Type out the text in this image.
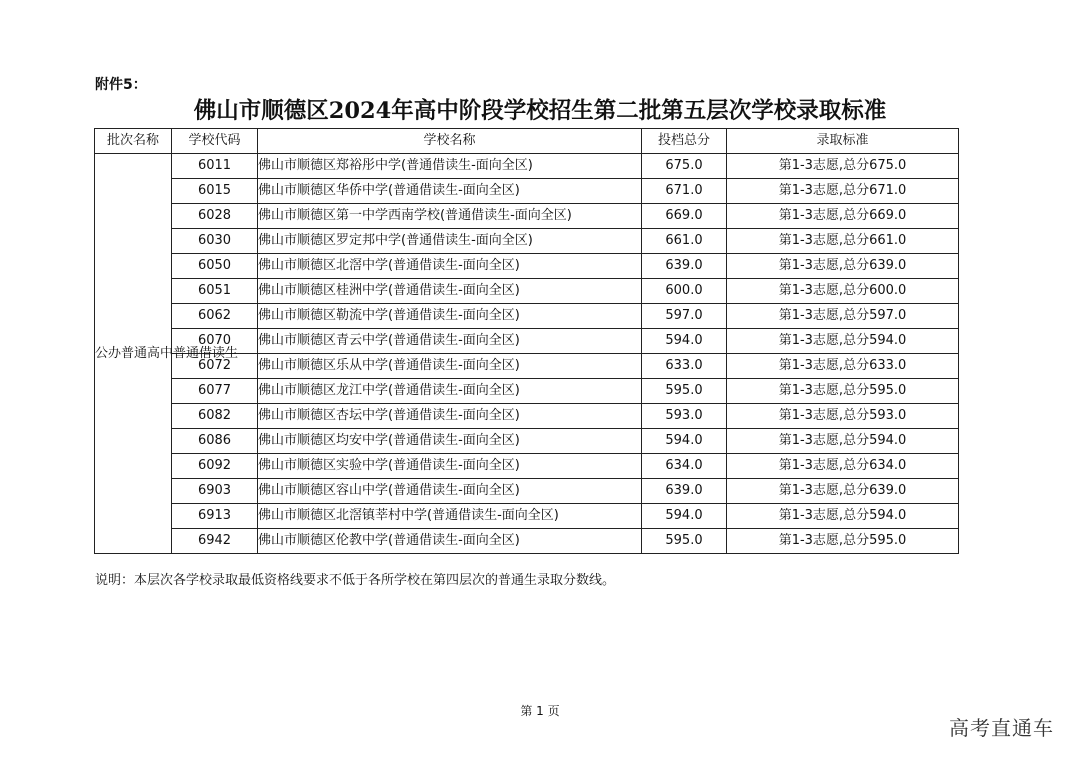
附件5：
佛山市顺德区2024年高中阶段学校招生第二批第五层次学校录取标准
批次名称	学校代码	学校名称	投档总分	录取标准
公办普通高中普通借读生	6011	佛山市顺德区郑裕彤中学(普通借读生-面向全区)	675.0	第1-3志愿,总分675.0
	6015	佛山市顺德区华侨中学(普通借读生-面向全区)	671.0	第1-3志愿,总分671.0
	6028	佛山市顺德区第一中学西南学校(普通借读生-面向全区)	669.0	第1-3志愿,总分669.0
	6030	佛山市顺德区罗定邦中学(普通借读生-面向全区)	661.0	第1-3志愿,总分661.0
	6050	佛山市顺德区北滘中学(普通借读生-面向全区)	639.0	第1-3志愿,总分639.0
	6051	佛山市顺德区桂洲中学(普通借读生-面向全区)	600.0	第1-3志愿,总分600.0
	6062	佛山市顺德区勒流中学(普通借读生-面向全区)	597.0	第1-3志愿,总分597.0
	6070	佛山市顺德区青云中学(普通借读生-面向全区)	594.0	第1-3志愿,总分594.0
	6072	佛山市顺德区乐从中学(普通借读生-面向全区)	633.0	第1-3志愿,总分633.0
	6077	佛山市顺德区龙江中学(普通借读生-面向全区)	595.0	第1-3志愿,总分595.0
	6082	佛山市顺德区杏坛中学(普通借读生-面向全区)	593.0	第1-3志愿,总分593.0
	6086	佛山市顺德区均安中学(普通借读生-面向全区)	594.0	第1-3志愿,总分594.0
	6092	佛山市顺德区实验中学(普通借读生-面向全区)	634.0	第1-3志愿,总分634.0
	6903	佛山市顺德区容山中学(普通借读生-面向全区)	639.0	第1-3志愿,总分639.0
	6913	佛山市顺德区北滘镇莘村中学(普通借读生-面向全区)	594.0	第1-3志愿,总分594.0
	6942	佛山市顺德区伦教中学(普通借读生-面向全区)	595.0	第1-3志愿,总分595.0
说明：本层次各学校录取最低资格线要求不低于各所学校在第四层次的普通生录取分数线。
第 1 页
高考直通车
